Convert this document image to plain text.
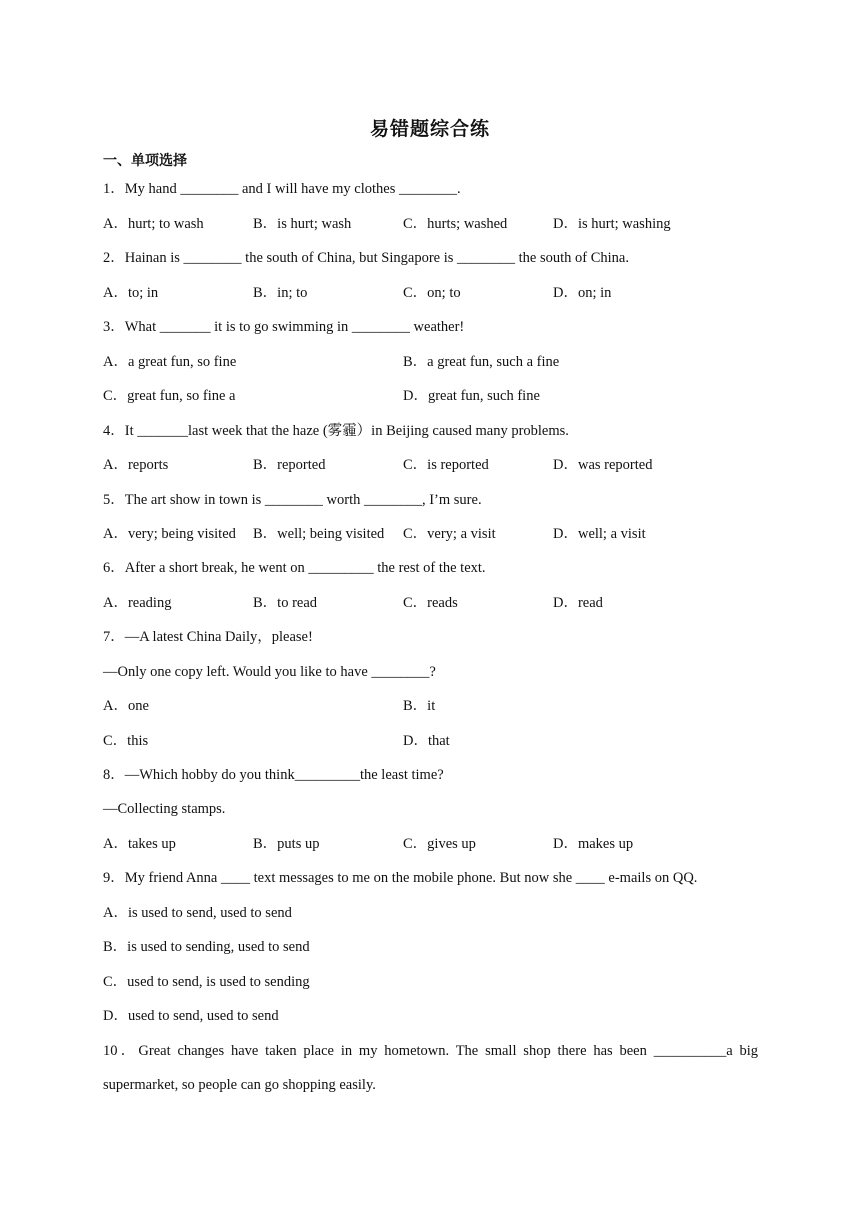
易错题综合练
一、单项选择
1．My hand ________ and I will have my clothes ________.
A．hurt; to wash	B．is hurt; wash	C．hurts; washed	D．is hurt; washing
2．Hainan is ________ the south of China, but Singapore is ________ the south of China.
A．to; in	B．in; to	C．on; to	D．on; in
3．What _______ it is to go swimming in ________ weather!
A．a great fun, so fine	B．a great fun, such a fine
C．great fun, so fine a	D．great fun, such fine
4．It _______last week that the haze (雾霾）in Beijing caused many problems.
A．reports	B．reported	C．is reported	D．was reported
5．The art show in town is ________ worth ________, I’m sure.
A．very; being visited B．well; being visited C．very; a visit	D．well; a visit
6．After a short break, he went on _________ the rest of the text.
A．reading	B．to read	C．reads	D．read
7．—A latest China Daily，please!
—Only one copy left. Would you like to have ________?
A．one	B．it
C．this	D．that
8．—Which hobby do you think_________the least time?
—Collecting stamps.
A．takes up	B．puts up	C．gives up	D．makes up
9．My friend Anna ____ text messages to me on the mobile phone. But now she ____ e-mails on QQ.
A．is used to send, used to send
B．is used to sending, used to send
C．used to send, is used to sending
D．used to send, used to send
10．Great changes have taken place in my hometown. The small shop there has been __________a big
supermarket, so people can go shopping easily.
